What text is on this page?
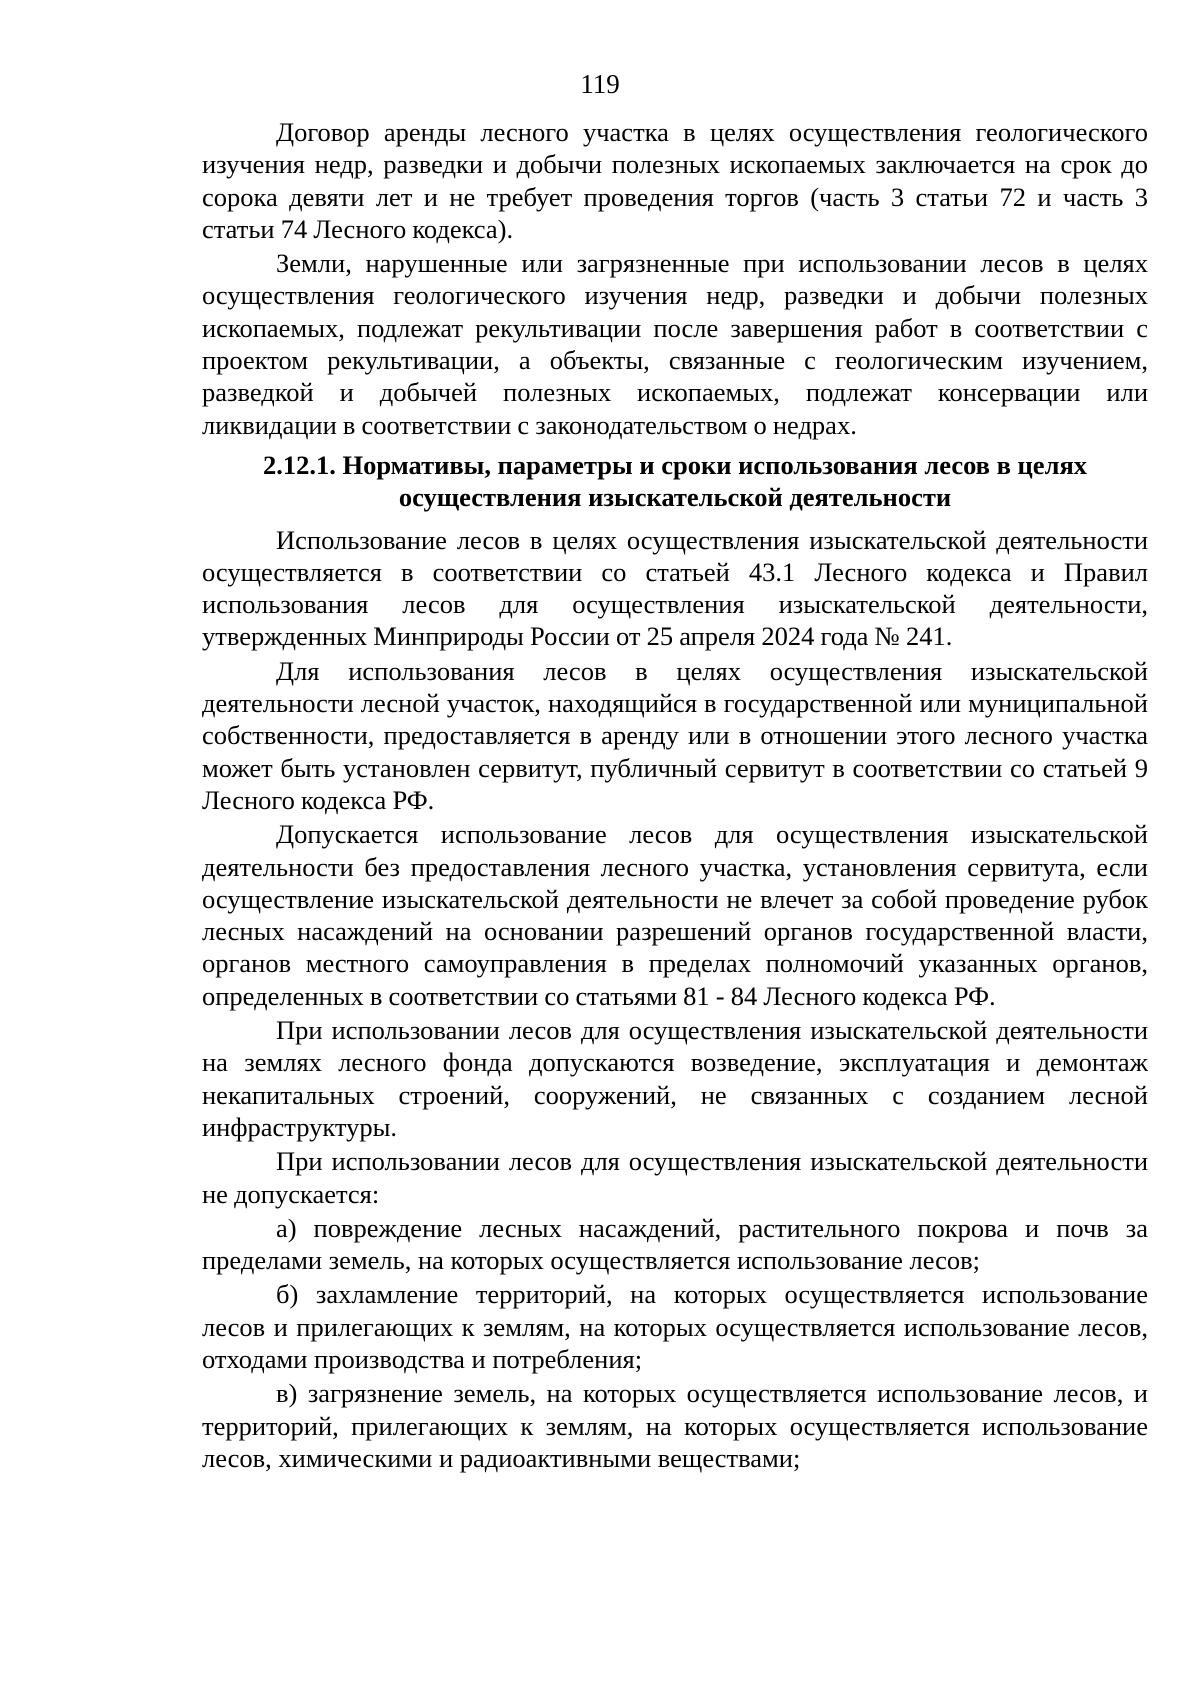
119

Договор аренды лесного участка в целях осуществления геологического изучения недр, разведки и добычи полезных ископаемых заключается на срок до сорока девяти лет и не требует проведения торгов (часть 3 статьи 72 и часть 3 статьи 74 Лесного кодекса).

Земли, нарушенные или загрязненные при использовании лесов в целях осуществления геологического изучения недр, разведки и добычи полезных ископаемых, подлежат рекультивации после завершения работ в соответствии с проектом рекультивации, а объекты, связанные с геологическим изучением, разведкой и добычей полезных ископаемых, подлежат консервации или ликвидации в соответствии с законодательством о недрах.

2.12.1. Нормативы, параметры и сроки использования лесов в целях осуществления изыскательской деятельности

Использование лесов в целях осуществления изыскательской деятельности осуществляется в соответствии со статьей 43.1 Лесного кодекса и Правил использования лесов для осуществления изыскательской деятельности, утвержденных Минприроды России от 25 апреля 2024 года № 241.

Для использования лесов в целях осуществления изыскательской деятельности лесной участок, находящийся в государственной или муниципальной собственности, предоставляется в аренду или в отношении этого лесного участка может быть установлен сервитут, публичный сервитут в соответствии со статьей 9 Лесного кодекса РФ.

Допускается использование лесов для осуществления изыскательской деятельности без предоставления лесного участка, установления сервитута, если осуществление изыскательской деятельности не влечет за собой проведение рубок лесных насаждений на основании разрешений органов государственной власти, органов местного самоуправления в пределах полномочий указанных органов, определенных в соответствии со статьями 81 - 84 Лесного кодекса РФ.

При использовании лесов для осуществления изыскательской деятельности на землях лесного фонда допускаются возведение, эксплуатация и демонтаж некапитальных строений, сооружений, не связанных с созданием лесной инфраструктуры.

При использовании лесов для осуществления изыскательской деятельности не допускается:

а) повреждение лесных насаждений, растительного покрова и почв за пределами земель, на которых осуществляется использование лесов;

б) захламление территорий, на которых осуществляется использование лесов и прилегающих к землям, на которых осуществляется использование лесов, отходами производства и потребления;

в) загрязнение земель, на которых осуществляется использование лесов, и территорий, прилегающих к землям, на которых осуществляется использование лесов, химическими и радиоактивными веществами;
